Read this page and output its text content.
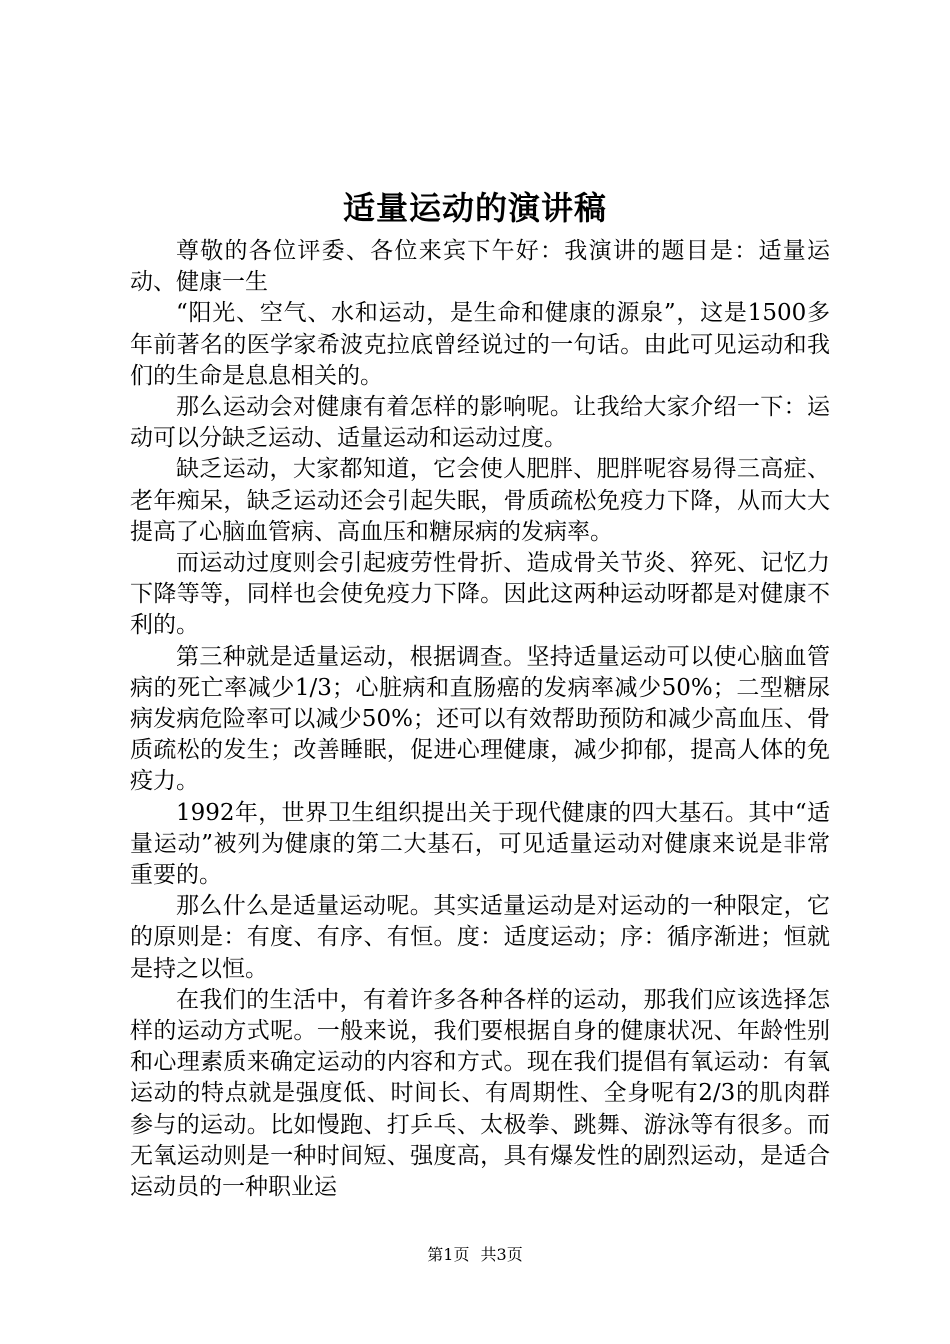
适量运动的演讲稿

尊敬的各位评委、各位来宾下午好：我演讲的题目是：适量运动、健康一生

“阳光、空气、水和运动，是生命和健康的源泉”，这是1500多年前著名的医学家希波克拉底曾经说过的一句话。由此可见运动和我们的生命是息息相关的。

那么运动会对健康有着怎样的影响呢。让我给大家介绍一下：运动可以分缺乏运动、适量运动和运动过度。

缺乏运动，大家都知道，它会使人肥胖、肥胖呢容易得三高症、老年痴呆，缺乏运动还会引起失眠，骨质疏松免疫力下降，从而大大提高了心脑血管病、高血压和糖尿病的发病率。

而运动过度则会引起疲劳性骨折、造成骨关节炎、猝死、记忆力下降等等，同样也会使免疫力下降。因此这两种运动呀都是对健康不利的。

第三种就是适量运动，根据调查。坚持适量运动可以使心脑血管病的死亡率减少1/3；心脏病和直肠癌的发病率减少50%；二型糖尿病发病危险率可以减少50%；还可以有效帮助预防和减少高血压、骨质疏松的发生；改善睡眠，促进心理健康，减少抑郁，提高人体的免疫力。

1992年，世界卫生组织提出关于现代健康的四大基石。其中“适量运动”被列为健康的第二大基石，可见适量运动对健康来说是非常重要的。

那么什么是适量运动呢。其实适量运动是对运动的一种限定，它的原则是：有度、有序、有恒。度：适度运动；序：循序渐进；恒就是持之以恒。

在我们的生活中，有着许多各种各样的运动，那我们应该选择怎样的运动方式呢。一般来说，我们要根据自身的健康状况、年龄性别和心理素质来确定运动的内容和方式。现在我们提倡有氧运动：有氧运动的特点就是强度低、时间长、有周期性、全身呢有2/3的肌肉群参与的运动。比如慢跑、打乒乓、太极拳、跳舞、游泳等有很多。而无氧运动则是一种时间短、强度高，具有爆发性的剧烈运动，是适合运动员的一种职业运

第1页 共3页
